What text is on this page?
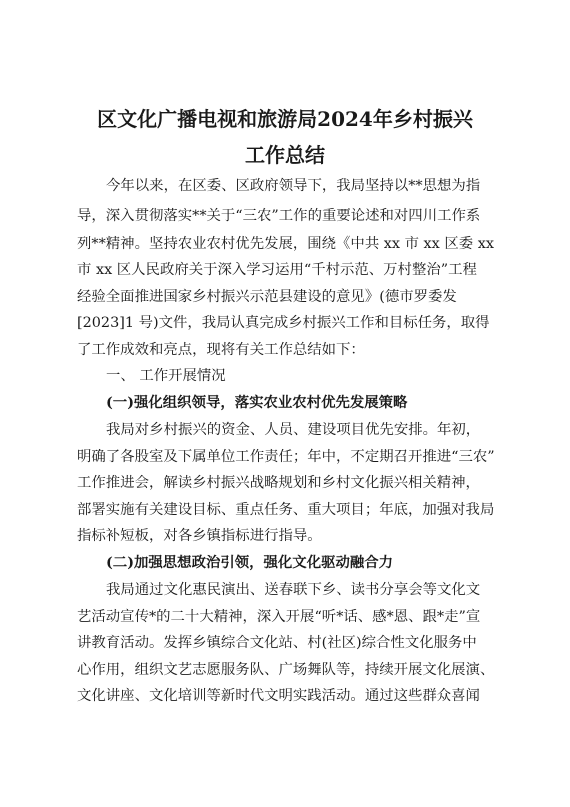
区文化广播电视和旅游局2024年乡村振兴
工作总结

今年以来，在区委、区政府领导下，我局坚持以**思想为指

导，深入贯彻落实**关于“三农”工作的重要论述和对四川工作系

列**精神。坚持农业农村优先发展，围绕《中共 xx 市 xx 区委 xx

市 xx 区人民政府关于深入学习运用“千村示范、万村整治”工程

经验全面推进国家乡村振兴示范县建设的意见》(德市罗委发

[2023]1 号)文件，我局认真完成乡村振兴工作和目标任务，取得

了工作成效和亮点，现将有关工作总结如下：

一、 工作开展情况

(一)强化组织领导，落实农业农村优先发展策略

我局对乡村振兴的资金、人员、建设项目优先安排。年初，

明确了各股室及下属单位工作责任；年中，不定期召开推进“三农”

工作推进会，解读乡村振兴战略规划和乡村文化振兴相关精神，

部署实施有关建设目标、重点任务、重大项目；年底，加强对我局

指标补短板，对各乡镇指标进行指导。

(二)加强思想政治引领，强化文化驱动融合力

我局通过文化惠民演出、送春联下乡、读书分享会等文化文

艺活动宣传*的二十大精神，深入开展“听*话、感*恩、跟*走”宣

讲教育活动。发挥乡镇综合文化站、村(社区)综合性文化服务中

心作用，组织文艺志愿服务队、广场舞队等，持续开展文化展演、

文化讲座、文化培训等新时代文明实践活动。通过这些群众喜闻
